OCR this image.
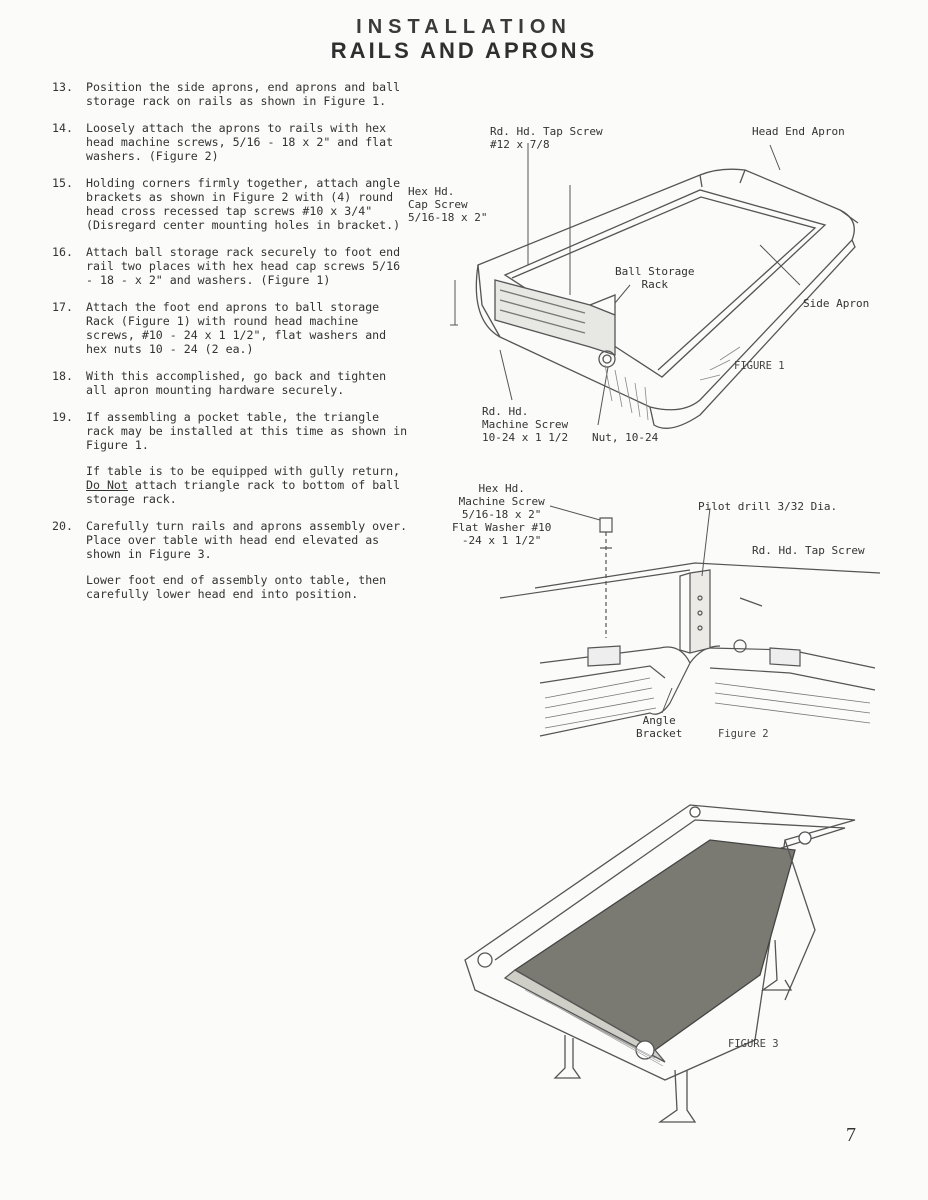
INSTALLATION
RAILS AND APRONS
13.	Position the side aprons, end aprons and ball storage rack on rails as shown in Figure 1.

14.	Loosely attach the aprons to rails with hex head machine screws, 5/16 - 18 x 2" and flat washers. (Figure 2)

15.	Holding corners firmly together, attach angle brackets as shown in Figure 2 with (4) round head cross recessed tap screws #10 x 3/4" (Disregard center mounting holes in bracket.)

16.	Attach ball storage rack securely to foot end rail two places with hex head cap screws 5/16 - 18 - x 2" and washers. (Figure 1)

17.	Attach the foot end aprons to ball storage Rack (Figure 1) with round head machine screws, #10 - 24 x 1 1/2", flat washers and hex nuts 10 - 24 (2 ea.)

18.	With this accomplished, go back and tighten all apron mounting hardware securely.

19.	If assembling a pocket table, the triangle rack may be installed at this time as shown in Figure 1.

If table is to be equipped with gully return, Do Not attach triangle rack to bottom of ball storage rack.

20.	Carefully turn rails and aprons assembly over. Place over table with head end elevated as shown in Figure 3.

Lower foot end of assembly onto table, then carefully lower head end into position.

Rd. Hd. Tap Screw
#12 x 7/8
Head End Apron
Hex Hd.
Cap Screw
5/16-18 x 2"
Ball Storage
Rack
Side Apron
FIGURE 1
Rd. Hd.
Machine Screw
10-24 x 1 1/2 Nut, 10-24
Hex Hd.
Machine Screw
5/16-18 x 2"
Flat Washer #10
-24 x 1 1/2"
Pilot drill 3/32 Dia.
Rd. Hd. Tap Screw
Angle
Bracket	Figure 2
FIGURE 3
7
